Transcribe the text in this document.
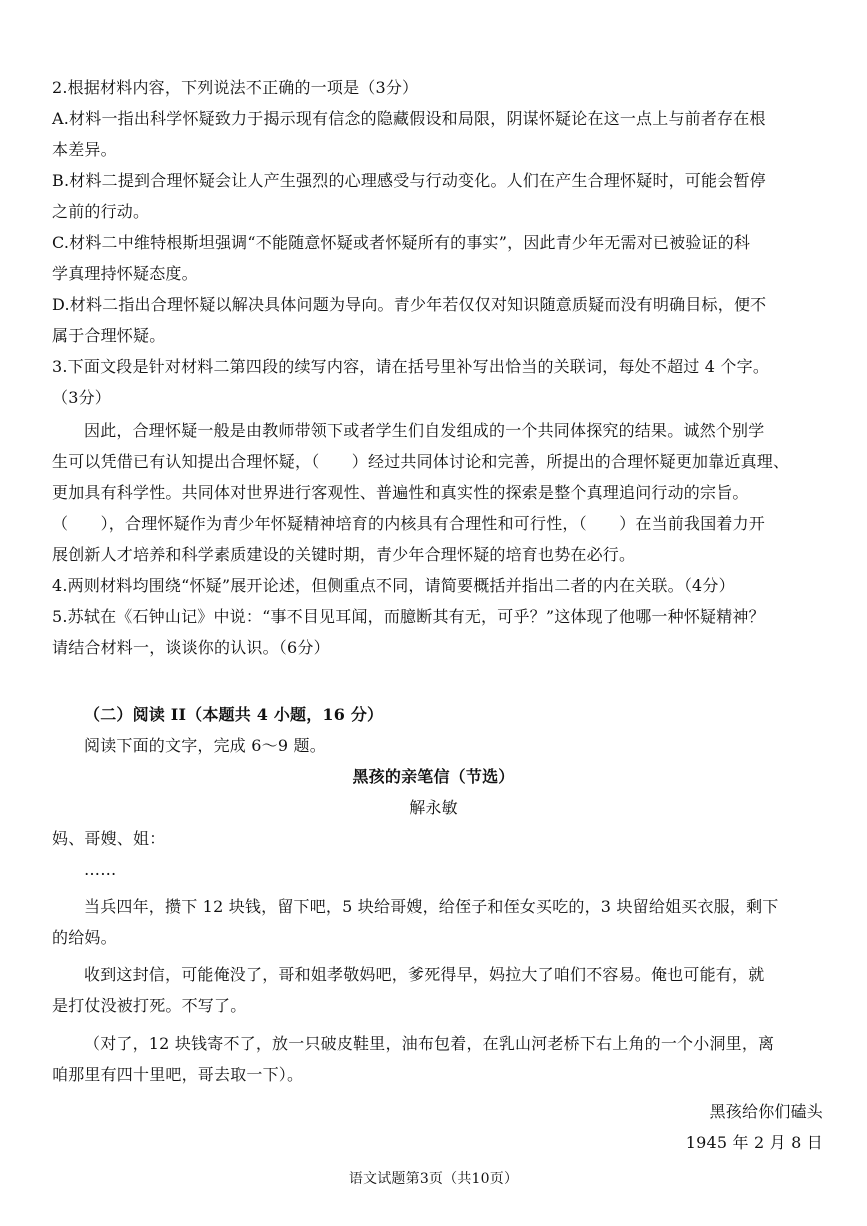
2.根据材料内容，下列说法不正确的一项是（3分）
A.材料一指出科学怀疑致力于揭示现有信念的隐藏假设和局限，阴谋怀疑论在这一点上与前者存在根
本差异。
B.材料二提到合理怀疑会让人产生强烈的心理感受与行动变化。人们在产生合理怀疑时，可能会暂停
之前的行动。
C.材料二中维特根斯坦强调“不能随意怀疑或者怀疑所有的事实”，因此青少年无需对已被验证的科
学真理持怀疑态度。
D.材料二指出合理怀疑以解决具体问题为导向。青少年若仅仅对知识随意质疑而没有明确目标，便不
属于合理怀疑。
3.下面文段是针对材料二第四段的续写内容，请在括号里补写出恰当的关联词，每处不超过 4 个字。
（3分）
因此，合理怀疑一般是由教师带领下或者学生们自发组成的一个共同体探究的结果。诚然个别学
生可以凭借已有认知提出合理怀疑，（　　）经过共同体讨论和完善，所提出的合理怀疑更加靠近真理、
更加具有科学性。共同体对世界进行客观性、普遍性和真实性的探索是整个真理追问行动的宗旨。
（　　），合理怀疑作为青少年怀疑精神培育的内核具有合理性和可行性，（　　）在当前我国着力开
展创新人才培养和科学素质建设的关键时期，青少年合理怀疑的培育也势在必行。
4.两则材料均围绕“怀疑”展开论述，但侧重点不同，请简要概括并指出二者的内在关联。（4分）
5.苏轼在《石钟山记》中说：“事不目见耳闻，而臆断其有无，可乎？”这体现了他哪一种怀疑精神？
请结合材料一，谈谈你的认识。（6分）
（二）阅读 II（本题共 4 小题，16 分）
阅读下面的文字，完成 6～9 题。
黑孩的亲笔信（节选）
解永敏
妈、哥嫂、姐：
……
当兵四年，攒下 12 块钱，留下吧，5 块给哥嫂，给侄子和侄女买吃的，3 块留给姐买衣服，剩下
的给妈。
收到这封信，可能俺没了，哥和姐孝敬妈吧，爹死得早，妈拉大了咱们不容易。俺也可能有，就
是打仗没被打死。不写了。
（对了，12 块钱寄不了，放一只破皮鞋里，油布包着，在乳山河老桥下右上角的一个小洞里，离
咱那里有四十里吧，哥去取一下）。
黑孩给你们磕头
1945 年 2 月 8 日
语文试题第3页（共10页）
